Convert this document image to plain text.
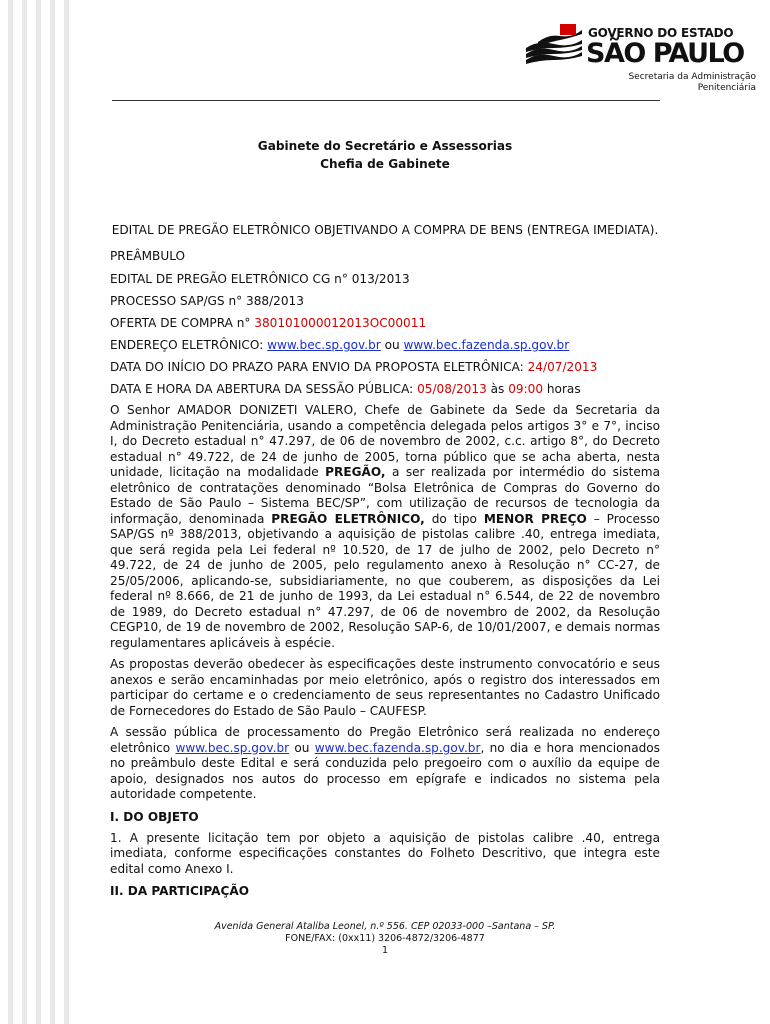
GOVERNO DO ESTADO
SÃO PAULO
Secretaria da Administração
Penitenciária

Gabinete do Secretário e Assessorias

Chefia de Gabinete

EDITAL DE PREGÃO ELETRÔNICO OBJETIVANDO A COMPRA DE BENS (ENTREGA IMEDIATA).

PREÂMBULO

EDITAL DE PREGÃO ELETRÔNICO CG n° 013/2013

PROCESSO SAP/GS n° 388/2013

OFERTA DE COMPRA n° 380101000012013OC00011

ENDEREÇO ELETRÔNICO: www.bec.sp.gov.br ou www.bec.fazenda.sp.gov.br

DATA DO INÍCIO DO PRAZO PARA ENVIO DA PROPOSTA ELETRÔNICA: 24/07/2013

DATA E HORA DA ABERTURA DA SESSÃO PÚBLICA: 05/08/2013 às 09:00 horas

O Senhor AMADOR DONIZETI VALERO, Chefe de Gabinete da Sede da Secretaria da Administração Penitenciária, usando a competência delegada pelos artigos 3° e 7°, inciso I, do Decreto estadual n° 47.297, de 06 de novembro de 2002, c.c. artigo 8°, do Decreto estadual n° 49.722, de 24 de junho de 2005, torna público que se acha aberta, nesta unidade, licitação na modalidade PREGÃO, a ser realizada por intermédio do sistema eletrônico de contratações denominado “Bolsa Eletrônica de Compras do Governo do Estado de São Paulo – Sistema BEC/SP”, com utilização de recursos de tecnologia da informação, denominada PREGÃO ELETRÔNICO, do tipo MENOR PREÇO – Processo SAP/GS nº 388/2013, objetivando a aquisição de pistolas calibre .40, entrega imediata, que será regida pela Lei federal nº 10.520, de 17 de julho de 2002, pelo Decreto n° 49.722, de 24 de junho de 2005, pelo regulamento anexo à Resolução n° CC-27, de 25/05/2006, aplicando-se, subsidiariamente, no que couberem, as disposições da Lei federal nº 8.666, de 21 de junho de 1993, da Lei estadual n° 6.544, de 22 de novembro de 1989, do Decreto estadual n° 47.297, de 06 de novembro de 2002, da Resolução CEGP10, de 19 de novembro de 2002, Resolução SAP-6, de 10/01/2007, e demais normas regulamentares aplicáveis à espécie.

As propostas deverão obedecer às especificações deste instrumento convocatório e seus anexos e serão encaminhadas por meio eletrônico, após o registro dos interessados em participar do certame e o credenciamento de seus representantes no Cadastro Unificado de Fornecedores do Estado de São Paulo – CAUFESP.

A sessão pública de processamento do Pregão Eletrônico será realizada no endereço eletrônico www.bec.sp.gov.br ou www.bec.fazenda.sp.gov.br, no dia e hora mencionados no preâmbulo deste Edital e será conduzida pelo pregoeiro com o auxílio da equipe de apoio, designados nos autos do processo em epígrafe e indicados no sistema pela autoridade competente.

I. DO OBJETO

1. A presente licitação tem por objeto a aquisição de pistolas calibre .40, entrega imediata, conforme especificações constantes do Folheto Descritivo, que integra este edital como Anexo I.

II. DA PARTICIPAÇÃO

Avenida General Ataliba Leonel, n.º 556. CEP 02033-000 –Santana – SP.
FONE/FAX: (0xx11) 3206-4872/3206-4877
1
